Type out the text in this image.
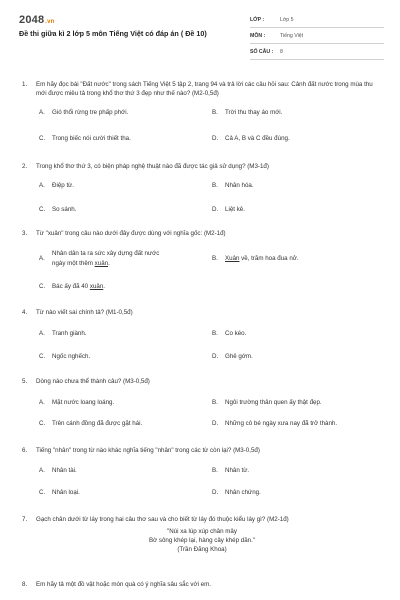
2048.vn
Đề thi giữa kì 2 lớp 5 môn Tiếng Việt có đáp án ( Đề 10)
LỚP :	Lớp 5
MÔN :	Tiếng Việt
SỐ CÂU :	8
1. Em hãy đọc bài "Đất nước" trong sách Tiếng Việt 5 tập 2, trang 94 và trả lời các câu hỏi sau: Cảnh đất nước trong mùa thu mới được miêu tả trong khổ thơ thứ 3 đẹp như thế nào? (M2-0,5đ)
A. Gió thổi rừng tre phấp phới.	B. Trời thu thay áo mới.
C. Trong biếc nói cười thiết tha.	D. Cả A, B và C đều đúng.
2. Trong khổ thơ thứ 3, có biện pháp nghệ thuật nào đã được tác giả sử dụng? (M3-1đ)
A. Điệp từ.	B. Nhân hóa.
C. So sánh.	D. Liệt kê.
3. Từ "xuân" trong câu nào dưới đây được dùng với nghĩa gốc: (M2-1đ)
A.
Nhân dân ta ra sức xây dựng đất nước
ngày một thêm xuân.
B. Xuân về, trăm hoa đua nở.
C. Bác ấy đã 40 xuân.
4. Từ nào viết sai chính tả? (M1-0,5đ)
A. Tranh giành.	B. Co kéo.
C. Ngốc nghếch.	D. Ghê gớm.
5. Dòng nào chưa thể thành câu? (M3-0,5đ)
A. Mặt nước loang loáng.	B. Ngôi trường thân quen ấy thật đẹp.
C. Trên cánh đồng đã được gặt hái.	D. Những cô bé ngày xưa nay đã trở thành.
6. Tiếng "nhân" trong từ nào khác nghĩa tiếng "nhân" trong các từ còn lại? (M3-0,5đ)
A. Nhân tài.	B. Nhân từ.
C. Nhân loại.	D. Nhân chứng.
7. Gạch chân dưới từ láy trong hai câu thơ sau và cho biết từ láy đó thuộc kiểu láy gì? (M2-1đ)
"Núi xa lúp xúp chân mây
Bờ sông khép lại, hàng cây khép dần."
(Trần Đăng Khoa)
8. Em hãy tả một đồ vật hoặc món quà có ý nghĩa sâu sắc với em.
